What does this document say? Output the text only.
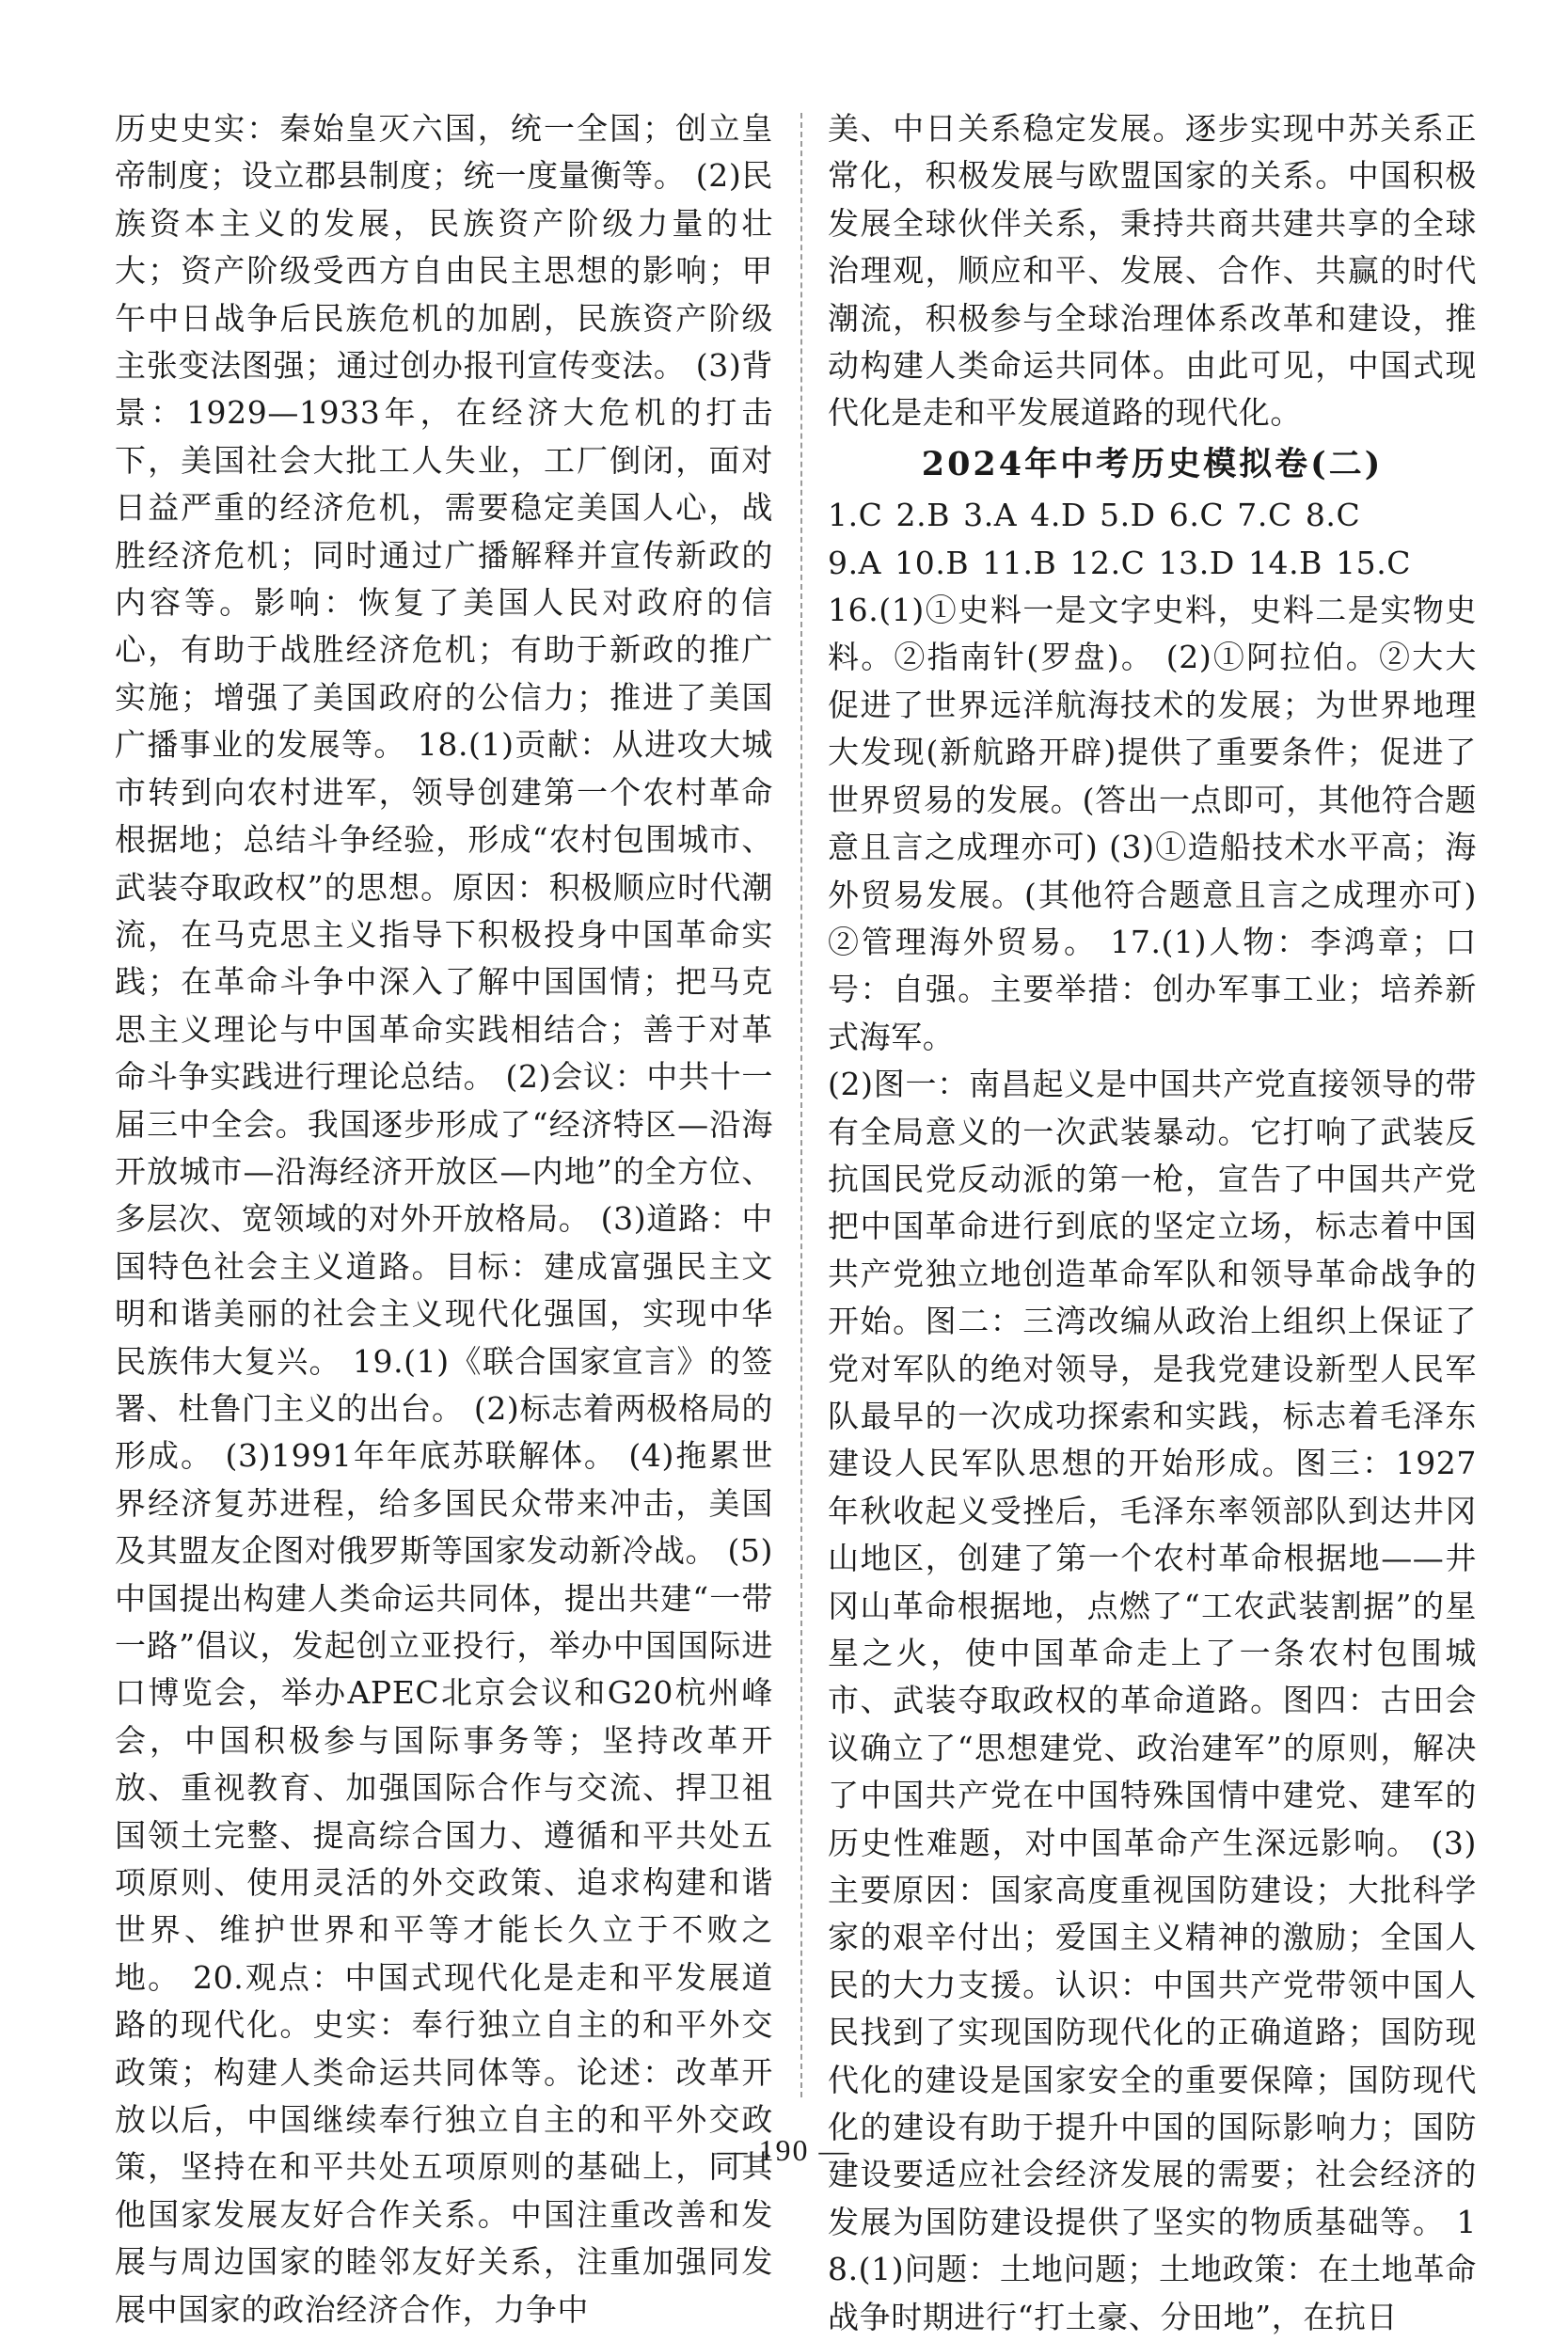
历史史实：秦始皇灭六国，统一全国；创立皇帝制度；设立郡县制度；统一度量衡等。 (2)民族资本主义的发展，民族资产阶级力量的壮大；资产阶级受西方自由民主思想的影响；甲午中日战争后民族危机的加剧，民族资产阶级主张变法图强；通过创办报刊宣传变法。 (3)背景：1929—1933年，在经济大危机的打击下，美国社会大批工人失业，工厂倒闭，面对日益严重的经济危机，需要稳定美国人心，战胜经济危机；同时通过广播解释并宣传新政的内容等。影响：恢复了美国人民对政府的信心，有助于战胜经济危机；有助于新政的推广实施；增强了美国政府的公信力；推进了美国广播事业的发展等。 18.(1)贡献：从进攻大城市转到向农村进军，领导创建第一个农村革命根据地；总结斗争经验，形成“农村包围城市、武装夺取政权”的思想。原因：积极顺应时代潮流，在马克思主义指导下积极投身中国革命实践；在革命斗争中深入了解中国国情；把马克思主义理论与中国革命实践相结合；善于对革命斗争实践进行理论总结。 (2)会议：中共十一届三中全会。我国逐步形成了“经济特区—沿海开放城市—沿海经济开放区—内地”的全方位、多层次、宽领域的对外开放格局。 (3)道路：中国特色社会主义道路。目标：建成富强民主文明和谐美丽的社会主义现代化强国，实现中华民族伟大复兴。 19.(1)《联合国家宣言》的签署、杜鲁门主义的出台。 (2)标志着两极格局的形成。 (3)1991年年底苏联解体。 (4)拖累世界经济复苏进程，给多国民众带来冲击，美国及其盟友企图对俄罗斯等国家发动新冷战。 (5)中国提出构建人类命运共同体，提出共建“一带一路”倡议，发起创立亚投行，举办中国国际进口博览会，举办APEC北京会议和G20杭州峰会，中国积极参与国际事务等；坚持改革开放、重视教育、加强国际合作与交流、捍卫祖国领土完整、提高综合国力、遵循和平共处五项原则、使用灵活的外交政策、追求构建和谐世界、维护世界和平等才能长久立于不败之地。 20.观点：中国式现代化是走和平发展道路的现代化。史实：奉行独立自主的和平外交政策；构建人类命运共同体等。论述：改革开放以后，中国继续奉行独立自主的和平外交政策，坚持在和平共处五项原则的基础上，同其他国家发展友好合作关系。中国注重改善和发展与周边国家的睦邻友好关系，注重加强同发展中国家的政治经济合作，力争中

美、中日关系稳定发展。逐步实现中苏关系正常化，积极发展与欧盟国家的关系。中国积极发展全球伙伴关系，秉持共商共建共享的全球治理观，顺应和平、发展、合作、共赢的时代潮流，积极参与全球治理体系改革和建设，推动构建人类命运共同体。由此可见，中国式现代化是走和平发展道路的现代化。

2024年中考历史模拟卷(二)
1.C 2.B 3.A 4.D 5.D 6.C 7.C 8.C
9.A 10.B 11.B 12.C 13.D 14.B 15.C

16.(1)①史料一是文字史料，史料二是实物史料。②指南针(罗盘)。 (2)①阿拉伯。②大大促进了世界远洋航海技术的发展；为世界地理大发现(新航路开辟)提供了重要条件；促进了世界贸易的发展。(答出一点即可，其他符合题意且言之成理亦可) (3)①造船技术水平高；海外贸易发展。(其他符合题意且言之成理亦可)②管理海外贸易。 17.(1)人物：李鸿章；口号：自强。主要举措：创办军事工业；培养新式海军。

(2)图一：南昌起义是中国共产党直接领导的带有全局意义的一次武装暴动。它打响了武装反抗国民党反动派的第一枪，宣告了中国共产党把中国革命进行到底的坚定立场，标志着中国共产党独立地创造革命军队和领导革命战争的开始。图二：三湾改编从政治上组织上保证了党对军队的绝对领导，是我党建设新型人民军队最早的一次成功探索和实践，标志着毛泽东建设人民军队思想的开始形成。图三：1927年秋收起义受挫后，毛泽东率领部队到达井冈山地区，创建了第一个农村革命根据地——井冈山革命根据地，点燃了“工农武装割据”的星星之火，使中国革命走上了一条农村包围城市、武装夺取政权的革命道路。图四：古田会议确立了“思想建党、政治建军”的原则，解决了中国共产党在中国特殊国情中建党、建军的历史性难题，对中国革命产生深远影响。 (3)主要原因：国家高度重视国防建设；大批科学家的艰辛付出；爱国主义精神的激励；全国人民的大力支援。认识：中国共产党带领中国人民找到了实现国防现代化的正确道路；国防现代化的建设是国家安全的重要保障；国防现代化的建设有助于提升中国的国际影响力；国防建设要适应社会经济发展的需要；社会经济的发展为国防建设提供了坚实的物质基础等。 18.(1)问题：土地问题；土地政策：在土地革命战争时期进行“打土豪、分田地”，在抗日

— 190 —
